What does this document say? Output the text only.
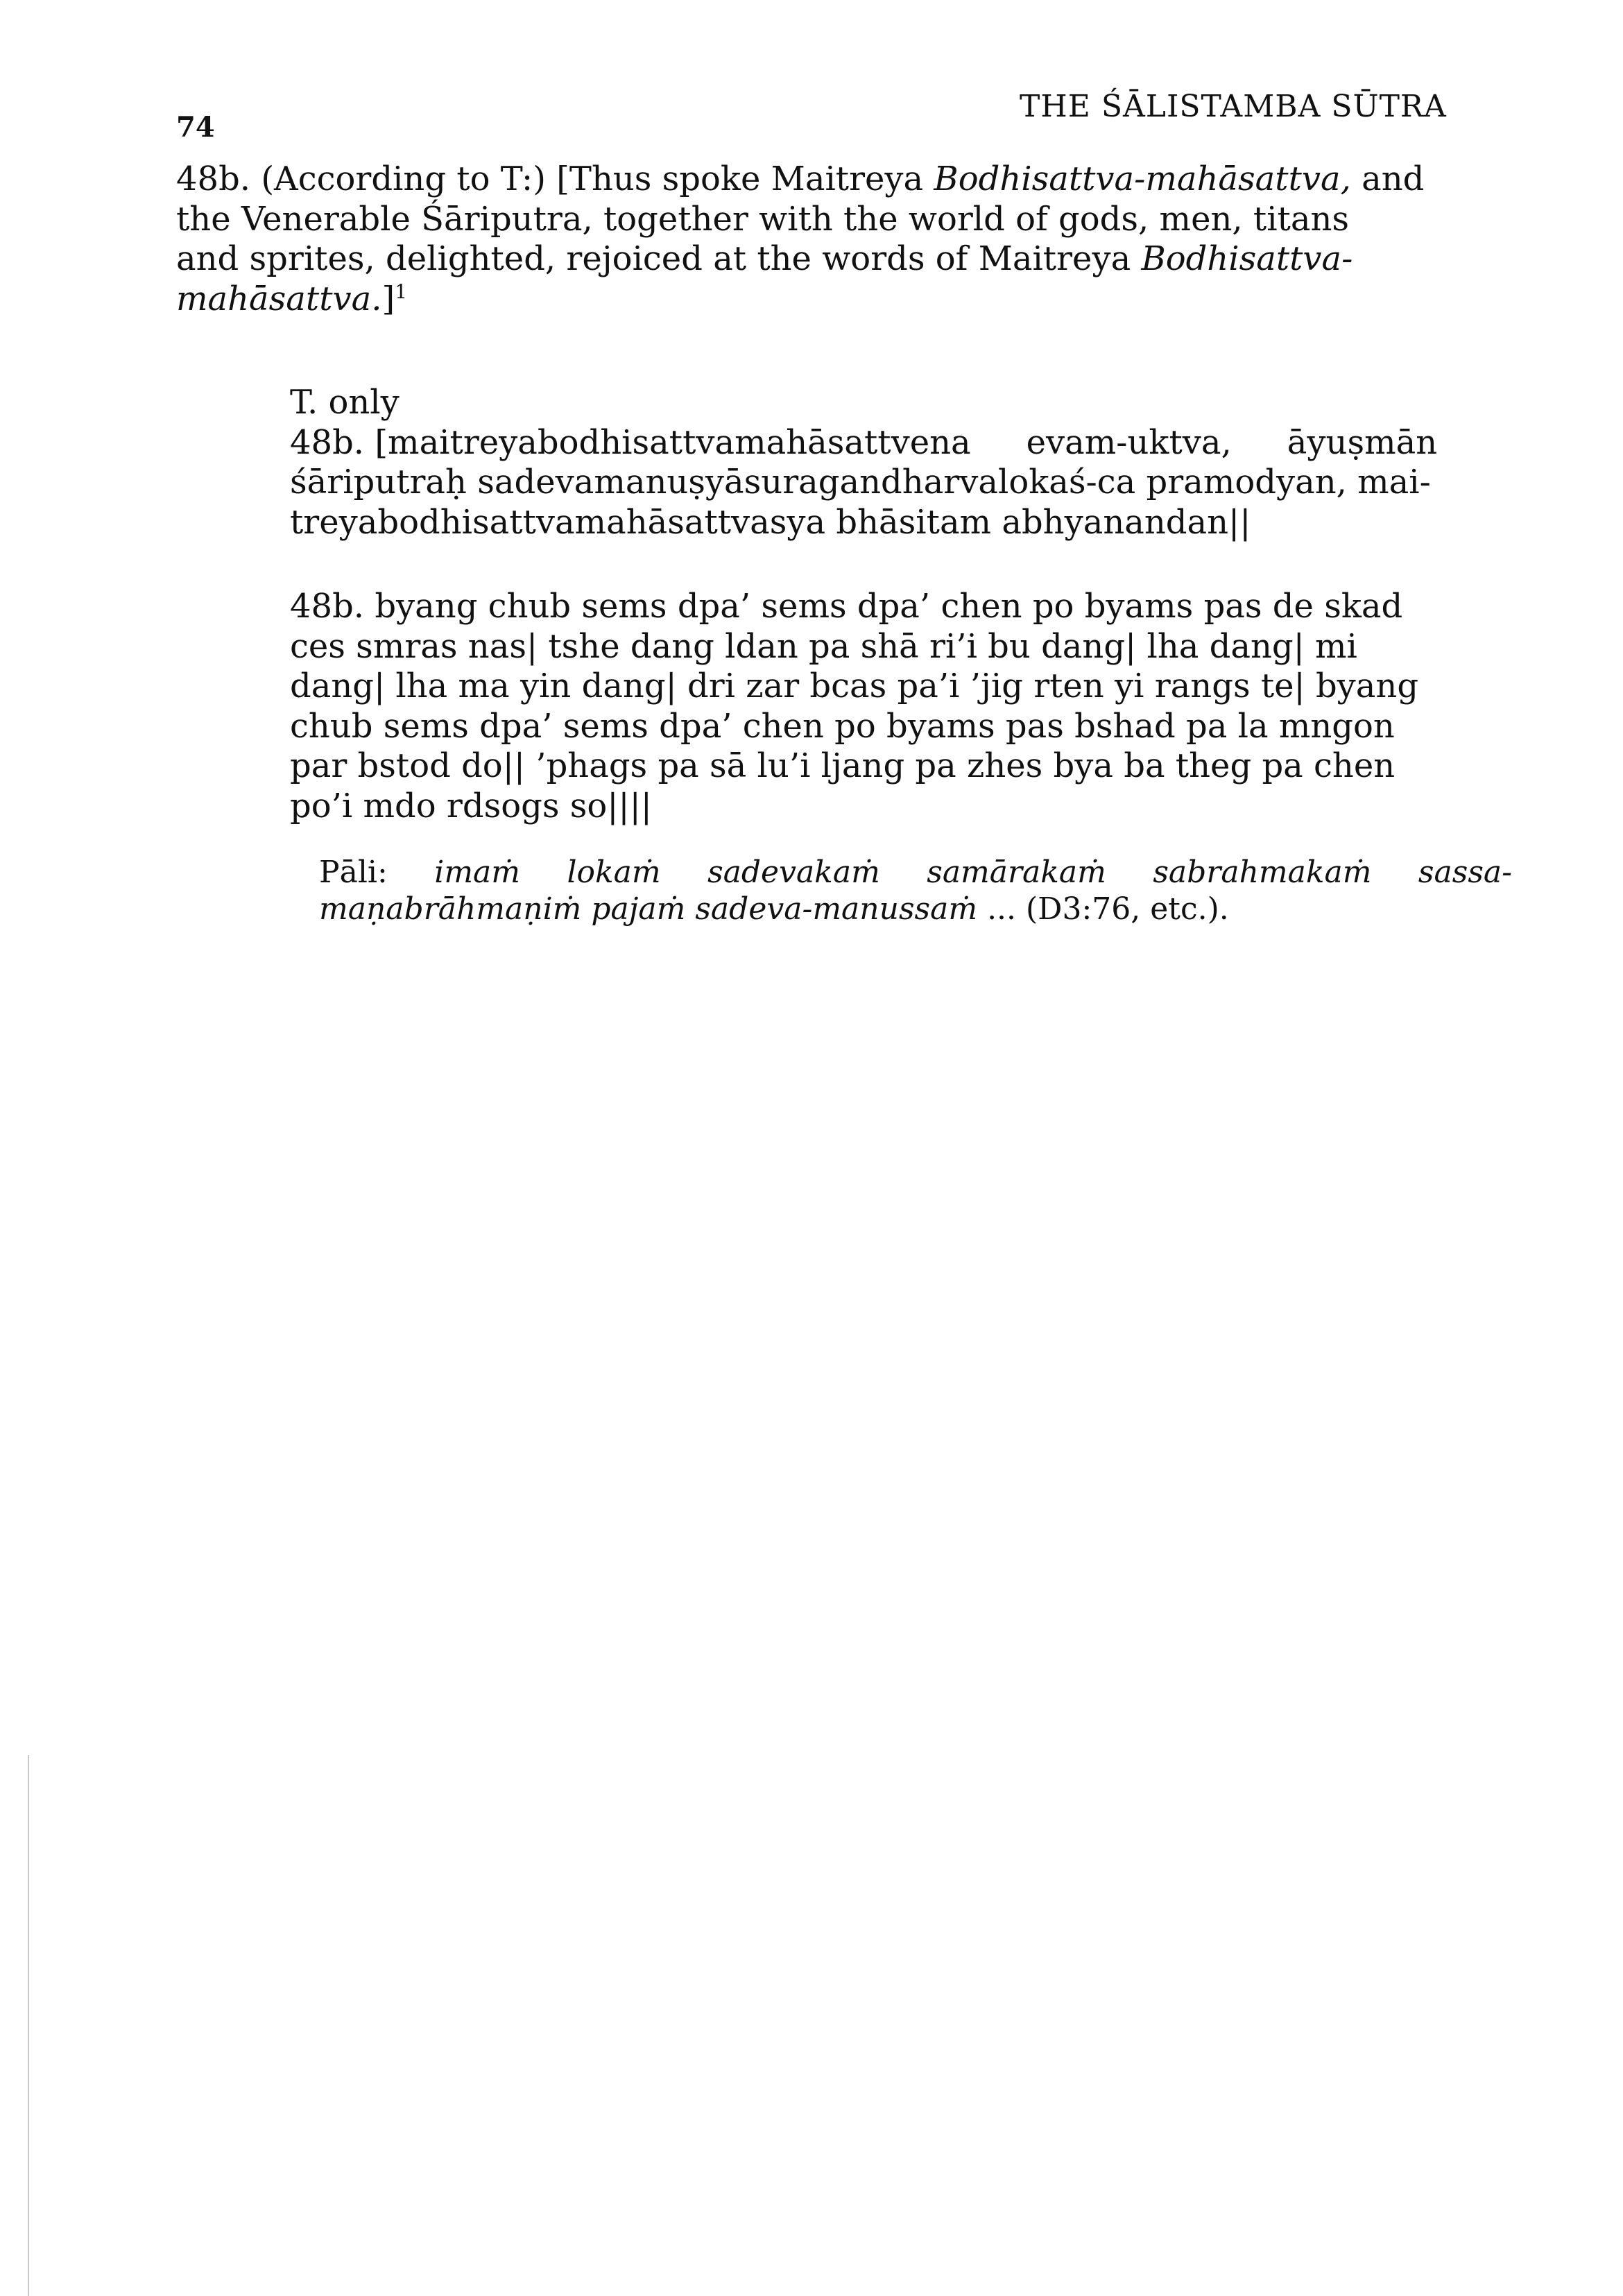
74
THE ŚĀLISTAMBA SŪTRA
48b. (According to T:) [Thus spoke Maitreya Bodhisattva-mahāsattva, and
the Venerable Śāriputra, together with the world of gods, men, titans
and sprites, delighted, rejoiced at the words of Maitreya Bodhisattva-
mahāsattva.]$^1$
T. only
48b. [maitreyabodhisattvamahāsattvena evam-uktva, āyuṣmān
śāriputraḥ sadevamanuṣyāsuragandharvalokaś-ca pramodyan, mai-
treyabodhisattvamahāsattvasya bhāsitam abhyanandan||
48b. byang chub sems dpa’ sems dpa’ chen po byams pas de skad
ces smras nas| tshe dang ldan pa shā ri’i bu dang| lha dang| mi
dang| lha ma yin dang| dri zar bcas pa’i ’jig rten yi rangs te| byang
chub sems dpa’ sems dpa’ chen po byams pas bshad pa la mngon
par bstod do|| ’phags pa sā lu’i ljang pa zhes bya ba theg pa chen
po’i mdo rdsogs so||||
Pāli: imaṁ lokaṁ sadevakaṁ samārakaṁ sabrahmakaṁ sassa-
maṇabrāhmaṇiṁ pajaṁ sadeva-manussaṁ ... (D3:76, etc.).
